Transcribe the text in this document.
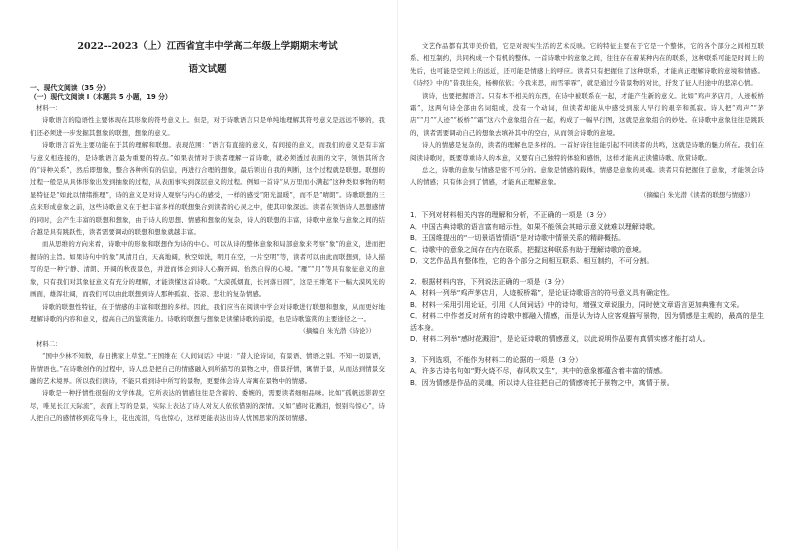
2022--2023（上）江西省宜丰中学高二年级上学期期末考试
语文试题
一、现代文阅读（35 分）
（一）现代文阅读 I（本题共 5 小题，19 分）
材料一：

诗歌语言的隐语性主要体现在其形象的符号意义上。但是，对于诗歌语言只是单纯地理解其符号意义是远远不够的，我们还必须进一步发掘其想象的联想，想象的意义。

诗歌语言首先主要功能在于其的理解和联想。表现范围：“语言有直接的意义，有间接的意义，而我们的意义是有丰富与意义相连接的，是诗歌语言最为重要的特点。”如果表情对于读者理解一首诗歌，就必须透过表面的文字，领悟其所含的“诗种关系”，然后即想象，整合各种所有的信息，再进行合理的想象，最后领出自我的判断，这个过程就是联想。联想的过程一般是从具体形象出发到抽象的过程，从表面事实到深层意义的过程。例如一首诗“从万里而小满起”这种类似事物的明显特征是“如此以情绪推理”，诗的意义是对诗人观察与内心的感受，一样的感受“阳光温暖”，而不是“晴朗”。诗歌联想的三点来形成意象之前，这些诗歌意义在于把丰富多样的联想集合到读者的心灵之中，使其印象深远。读者在领悟诗人思想感情的同时，会产生丰富的联想和想象，由于诗人的思想、情感和想象的复杂，诗人的联想的丰富，诗歌中意象与意象之间的结合越是具有跳跃性，读者需要调动的联想和想象就越丰富。

而从思维的方向来看，诗歌中的形象和联想作为诗的中心。可以从诗的整体意象和局部意象来考察“象”的意义，进而把握诗的主旨。如果诗句中的象“风清月白，天高地阔，秋空如洗，明月在空，一片空明”等，读者可以由此而联想到，诗人描写的是一种宁静、清朗、开阔的秋夜景色，并进而体会到诗人心胸开阔、怡然自得的心境。“雁”“月”等具有象征意义的意象，只有我们对其象征意义有充分的理解，才能读懂这首诗歌。“大漠孤烟直，长河落日圆”，这是王维笔下一幅大漠风光的画面，雄浑壮阔，而我们可以由此联想到诗人那种孤寂、苍凉、悲壮的复杂情感。

诗歌的联想性特征，在于情感的丰富和联想的多样。因此，我们应当在阅读中学会对诗歌进行联想和想象，从而更好地理解诗歌的内容和意义，提高自己的鉴赏能力。诗歌的联想与想象是读懂诗歌的前提，也是诗歌鉴赏的主要途径之一。

（摘编自 朱光潜《诗论》）
材料二：

“国中少林不知数，春日携家上草堂。”王国维在《人间词话》中说：“昔人论诗词，有景语、情语之别。不知一切景语，皆情语也。”在诗歌创作的过程中，诗人总是把自己的情感融入到所描写的景物之中，借景抒情，寓情于景，从而达到情景交融的艺术境界。所以我们读诗，不能只看到诗中所写的景物，更要体会诗人寄寓在景物中的情感。

诗歌是一种抒情性很强的文学体裁，它所表达的情感往往是含蓄的、委婉的，需要读者细细品味。比如“孤帆远影碧空尽，唯见长江天际流”，表面上写的是景，实际上表达了诗人对友人依依惜别的深情。又如“感时花溅泪，恨别鸟惊心”，诗人把自己的感情移到花鸟身上，花也流泪，鸟也惊心，这样更能表达出诗人忧国思家的深切情感。

文艺作品都有其审美价值，它是对现实生活的艺术反映。它的特征主要在于它是一个整体，它的各个部分之间相互联系、相互制约，共同构成一个有机的整体。一首诗歌中的意象之间，往往存在着某种内在的联系，这种联系可能是时间上的先后，也可能是空间上的远近，还可能是情感上的呼应。读者只有把握住了这种联系，才能真正理解诗歌的意境和情感。《诗经》中的“昔我往矣，杨柳依依；今我来思，雨雪霏霏”，就是通过今昔景物的对比，抒发了征人归途中的悲凉心情。

读诗，也要把握语言。只有本不相关的东西，在诗中被联系在一起，才能产生新的意义。比如“鸡声茅店月，人迹板桥霜”，这两句诗全部由名词组成，没有一个动词，但读者却能从中感受到旅人早行的艰辛和孤寂。诗人把“鸡声”“茅店”“月”“人迹”“板桥”“霜”这六个意象组合在一起，构成了一幅早行图，这就是意象组合的妙处。在诗歌中意象往往是跳跃的，读者需要调动自己的想象去填补其中的空白，从而领会诗歌的意境。

诗人的情感是复杂的，读者的理解也是多样的。一首好诗往往能引起不同读者的共鸣，这就是诗歌的魅力所在。我们在阅读诗歌时，既要尊重诗人的本意，又要有自己独特的体验和感悟，这样才能真正读懂诗歌、欣赏诗歌。

总之，诗歌的意象与情感是密不可分的。意象是情感的载体，情感是意象的灵魂。读者只有把握住了意象，才能领会诗人的情感；只有体会到了情感，才能真正理解意象。

（摘编自 朱光潜《读者的联想与情感》）
1．下列对材料相关内容的理解和分析，不正确的一项是（3 分）
A．中国古典诗歌的语言富有暗示性，如果不能领会其暗示意义就难以理解诗歌。
B．王国维提出的“一切景语皆情语”是对诗歌中情景关系的精辟概括。
C．诗歌中的意象之间存在内在联系，把握这种联系有助于理解诗歌的意境。
D．文艺作品具有整体性，它的各个部分之间相互联系、相互制约，不可分割。
2．根据材料内容，下列说法正确的一项是（3 分）
A．材料一列举“鸡声茅店月，人迹板桥霜”，是论证诗歌语言的符号意义具有确定性。
B．材料一采用引用论证，引用《人间词话》中的诗句，增强文章说服力，同时使文章语言更加典雅有文采。
C．材料二中作者反对所有的诗歌中都融入情感，而是认为诗人应客观描写景物，因为情感是主观的，最高的是生活本身。
D．材料二列举“感时花溅泪”，是论证诗歌的情感意义，以此说明作品要有真情实感才能打动人。
3．下列选项，不能作为材料二的论据的一项是（3 分）
A．许多古诗名句如“野火烧不尽，春风吹又生”，其中的意象都蕴含着丰富的情感。
B．因为情感是作品的灵魂，所以诗人往往把自己的情感寄托于景物之中，寓情于景。
